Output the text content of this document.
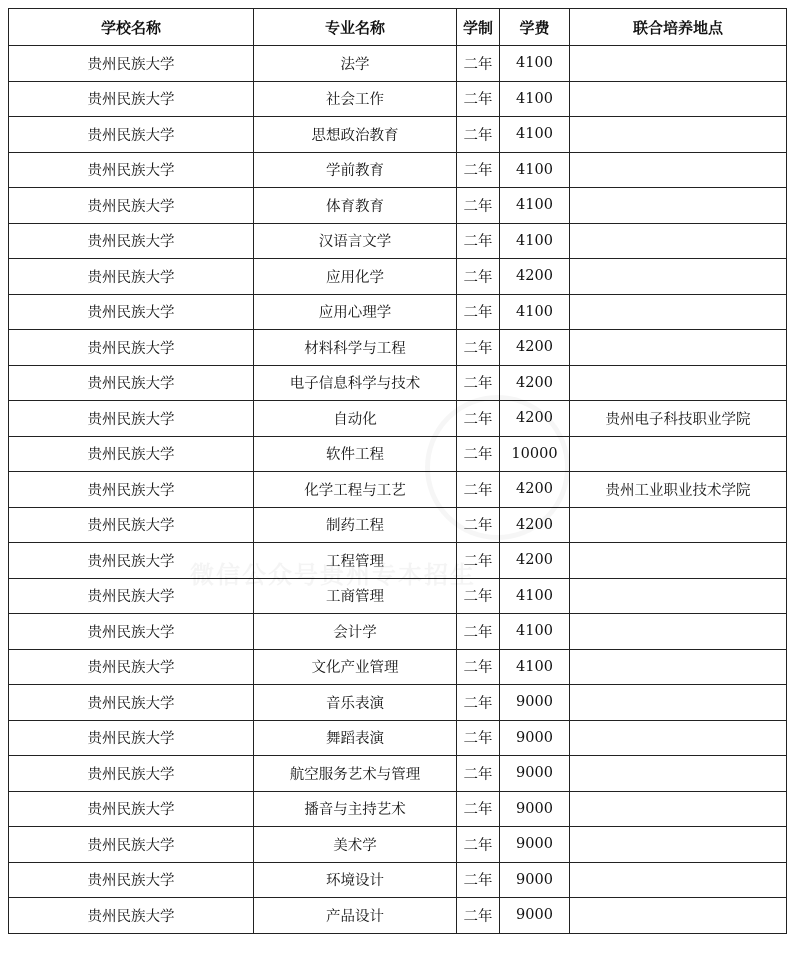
学校名称	专业名称	学制	学费	联合培养地点
贵州民族大学	法学	二年	4100	
贵州民族大学	社会工作	二年	4100	
贵州民族大学	思想政治教育	二年	4100	
贵州民族大学	学前教育	二年	4100	
贵州民族大学	体育教育	二年	4100	
贵州民族大学	汉语言文学	二年	4100	
贵州民族大学	应用化学	二年	4200	
贵州民族大学	应用心理学	二年	4100	
贵州民族大学	材料科学与工程	二年	4200	
贵州民族大学	电子信息科学与技术	二年	4200	
贵州民族大学	自动化	二年	4200	贵州电子科技职业学院
贵州民族大学	软件工程	二年	10000	
贵州民族大学	化学工程与工艺	二年	4200	贵州工业职业技术学院
贵州民族大学	制药工程	二年	4200	
贵州民族大学	工程管理	二年	4200	
贵州民族大学	工商管理	二年	4100	
贵州民族大学	会计学	二年	4100	
贵州民族大学	文化产业管理	二年	4100	
贵州民族大学	音乐表演	二年	9000	
贵州民族大学	舞蹈表演	二年	9000	
贵州民族大学	航空服务艺术与管理	二年	9000	
贵州民族大学	播音与主持艺术	二年	9000	
贵州民族大学	美术学	二年	9000	
贵州民族大学	环境设计	二年	9000	
贵州民族大学	产品设计	二年	9000	
